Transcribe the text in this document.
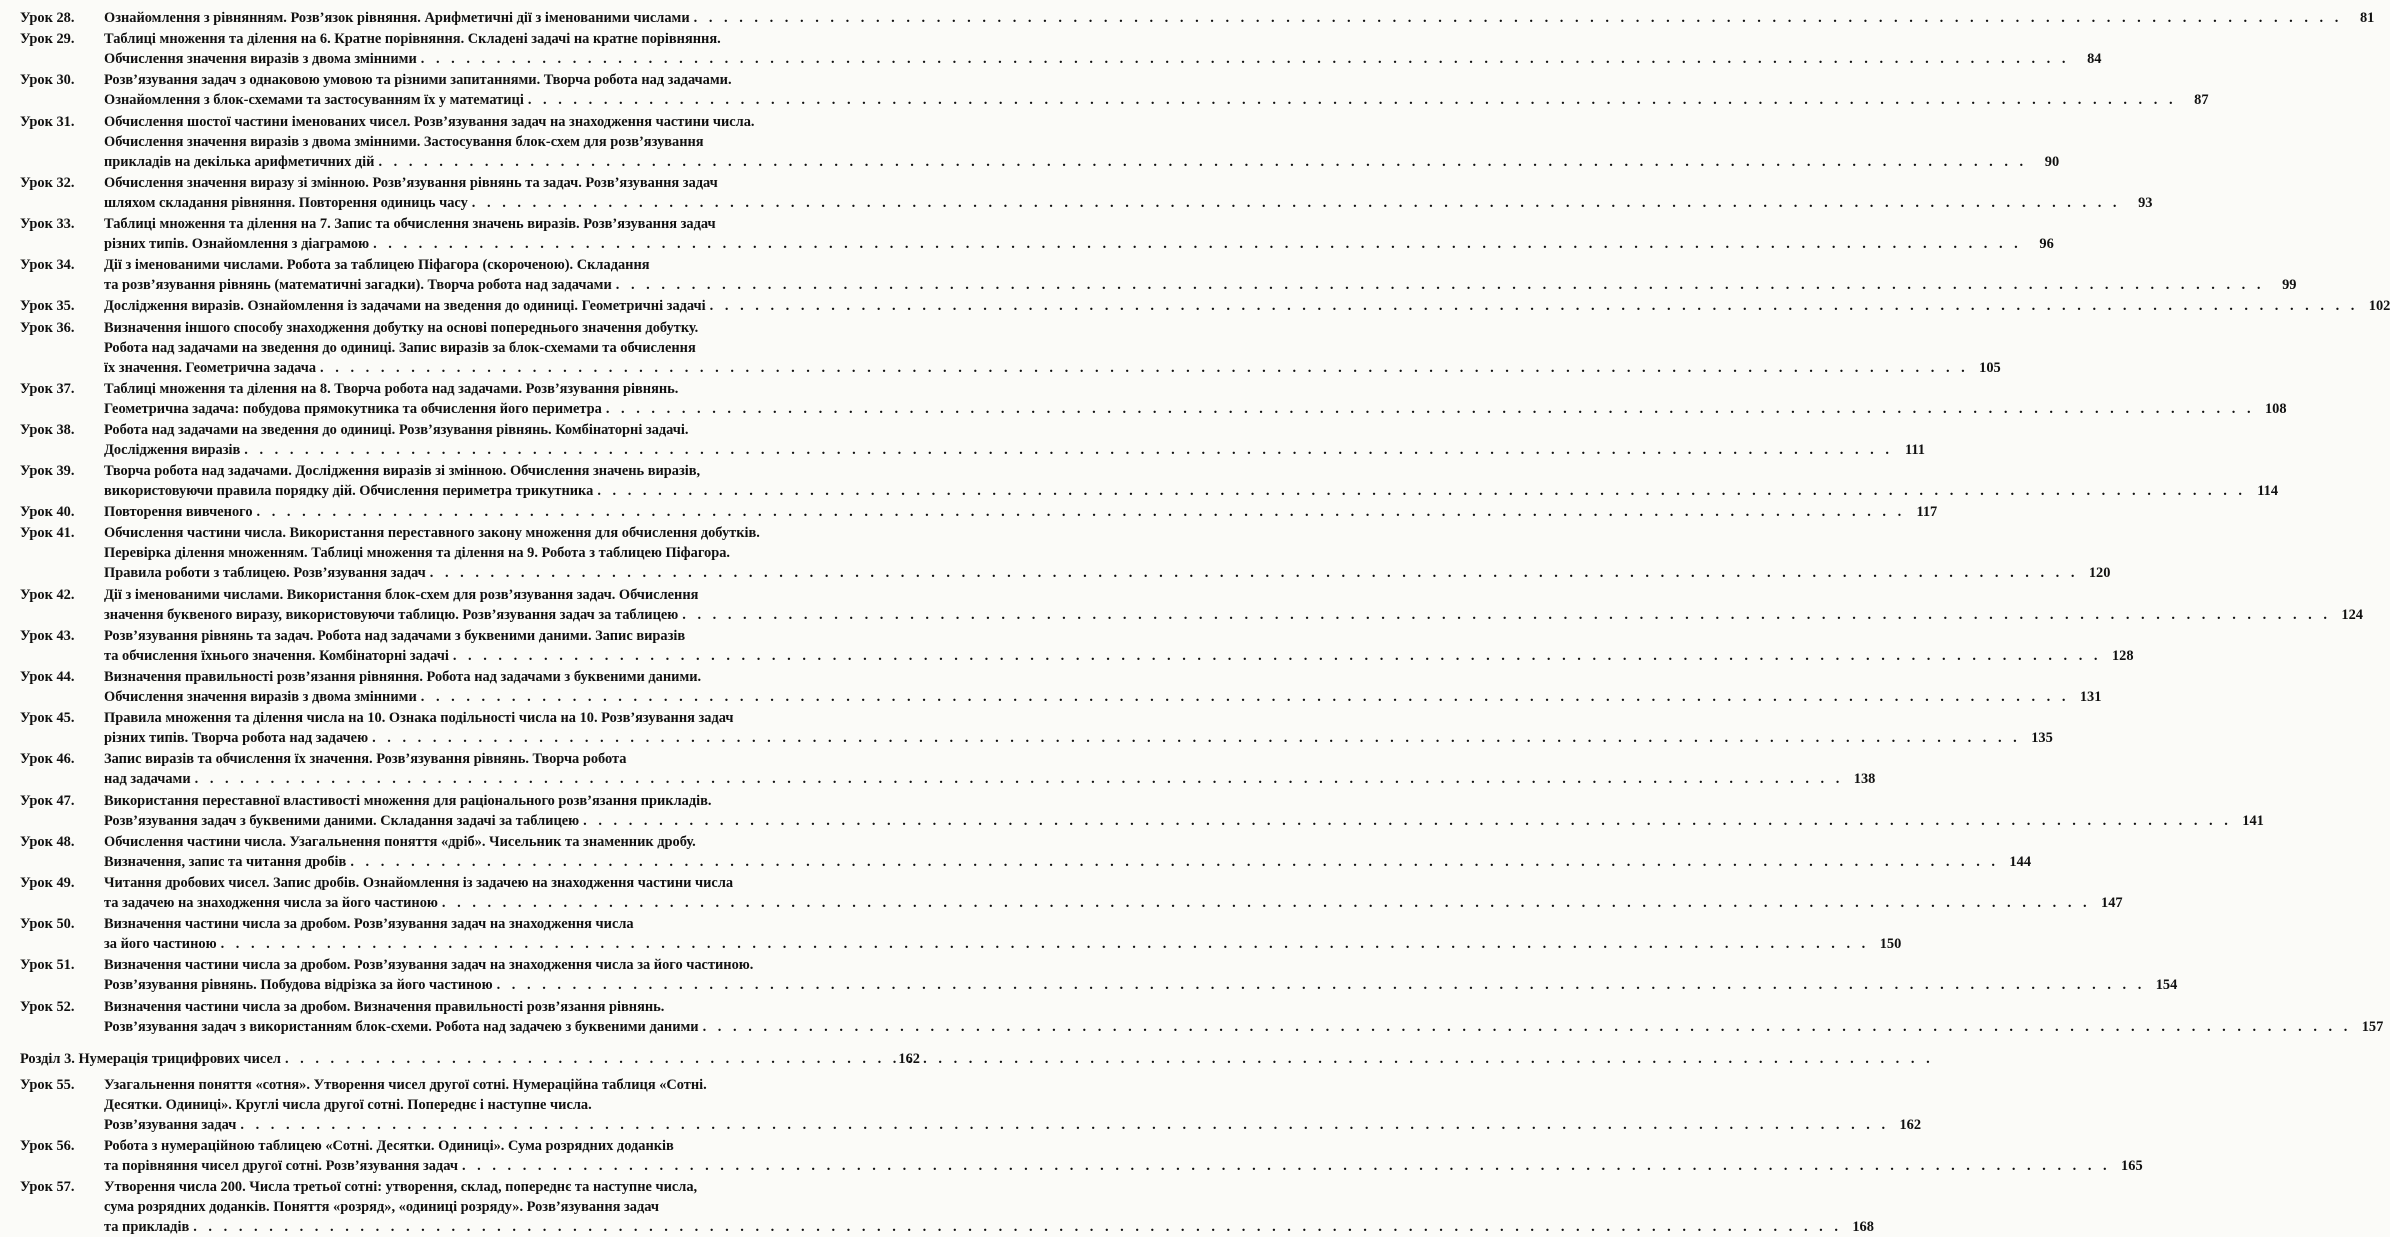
Урок 28.	Ознайомлення з рівнянням. Розв’язок рівняння. Арифметичні дії з іменованими числами . . .	81
Урок 29.	Таблиці множення та ділення на 6. Кратне порівняння. Складені задачі на кратне порівняння.
Обчислення значення виразів з двома змінними . . .	84
Урок 30.	Розв’язування задач з однаковою умовою та різними запитаннями. Творча робота над задачами.
Ознайомлення з блок-схемами та застосуванням їх у математиці . . .	87
Урок 31.	Обчислення шостої частини іменованих чисел. Розв’язування задач на знаходження частини числа.
Обчислення значення виразів з двома змінними. Застосування блок-схем для розв’язування
прикладів на декілька арифметичних дій . . .	90
Урок 32.	Обчислення значення виразу зі змінною. Розв’язування рівнянь та задач. Розв’язування задач
шляхом складання рівняння. Повторення одиниць часу . . .	93
Урок 33.	Таблиці множення та ділення на 7. Запис та обчислення значень виразів. Розв’язування задач
різних типів. Ознайомлення з діаграмою . . .	96
Урок 34.	Дії з іменованими числами. Робота за таблицею Піфагора (скороченою). Складання
та розв’язування рівнянь (математичні загадки). Творча робота над задачами . . .	99
Урок 35.	Дослідження виразів. Ознайомлення із задачами на зведення до одиниці. Геометричні задачі . . .	102
Урок 36.	Визначення іншого способу знаходження добутку на основі попереднього значення добутку.
Робота над задачами на зведення до одиниці. Запис виразів за блок-схемами та обчислення
їх значення. Геометрична задача . . .	105
Урок 37.	Таблиці множення та ділення на 8. Творча робота над задачами. Розв’язування рівнянь.
Геометрична задача: побудова прямокутника та обчислення його периметра . . .	108
Урок 38.	Робота над задачами на зведення до одиниці. Розв’язування рівнянь. Комбінаторні задачі.
Дослідження виразів . . .	111
Урок 39.	Творча робота над задачами. Дослідження виразів зі змінною. Обчислення значень виразів,
використовуючи правила порядку дій. Обчислення периметра трикутника . . .	114
Урок 40.	Повторення вивченого . . .	117
Урок 41.	Обчислення частини числа. Використання переставного закону множення для обчислення добутків.
Перевірка ділення множенням. Таблиці множення та ділення на 9. Робота з таблицею Піфагора.
Правила роботи з таблицею. Розв’язування задач . . .	120
Урок 42.	Дії з іменованими числами. Використання блок-схем для розв’язування задач. Обчислення
значення буквеного виразу, використовуючи таблицю. Розв’язування задач за таблицею . . .	124
Урок 43.	Розв’язування рівнянь та задач. Робота над задачами з буквеними даними. Запис виразів
та обчислення їхнього значення. Комбінаторні задачі . . .	128
Урок 44.	Визначення правильності розв’язання рівняння. Робота над задачами з буквеними даними.
Обчислення значення виразів з двома змінними . . .	131
Урок 45.	Правила множення та ділення числа на 10. Ознака подільності числа на 10. Розв’язування задач
різних типів. Творча робота над задачею . . .	135
Урок 46.	Запис виразів та обчислення їх значення. Розв’язування рівнянь. Творча робота
над задачами . . .	138
Урок 47.	Використання переставної властивості множення для раціонального розв’язання прикладів.
Розв’язування задач з буквеними даними. Складання задачі за таблицею . . .	141
Урок 48.	Обчислення частини числа. Узагальнення поняття «дріб». Чисельник та знаменник дробу.
Визначення, запис та читання дробів . . .	144
Урок 49.	Читання дробових чисел. Запис дробів. Ознайомлення із задачею на знаходження частини числа
та задачею на знаходження числа за його частиною . . .	147
Урок 50.	Визначення частини числа за дробом. Розв’язування задач на знаходження числа
за його частиною . . .	150
Урок 51.	Визначення частини числа за дробом. Розв’язування задач на знаходження числа за його частиною.
Розв’язування рівнянь. Побудова відрізка за його частиною . . .	154
Урок 52.	Визначення частини числа за дробом. Визначення правильності розв’язання рівнянь.
Розв’язування задач з використанням блок-схеми. Робота над задачею з буквеними даними . . .	157
Розділ 3. Нумерація трицифрових чисел . . .	162
Урок 55.	Узагальнення поняття «сотня». Утворення чисел другої сотні. Нумераційна таблиця «Сотні.
Десятки. Одиниці». Круглі числа другої сотні. Попереднє і наступне числа.
Розв’язування задач . . .	162
Урок 56.	Робота з нумераційною таблицею «Сотні. Десятки. Одиниці». Сума розрядних доданків
та порівняння чисел другої сотні. Розв’язування задач . . .	165
Урок 57.	Утворення числа 200. Числа третьої сотні: утворення, склад, попереднє та наступне числа,
сума розрядних доданків. Поняття «розряд», «одиниці розряду». Розв’язування задач
та прикладів . . .	168
